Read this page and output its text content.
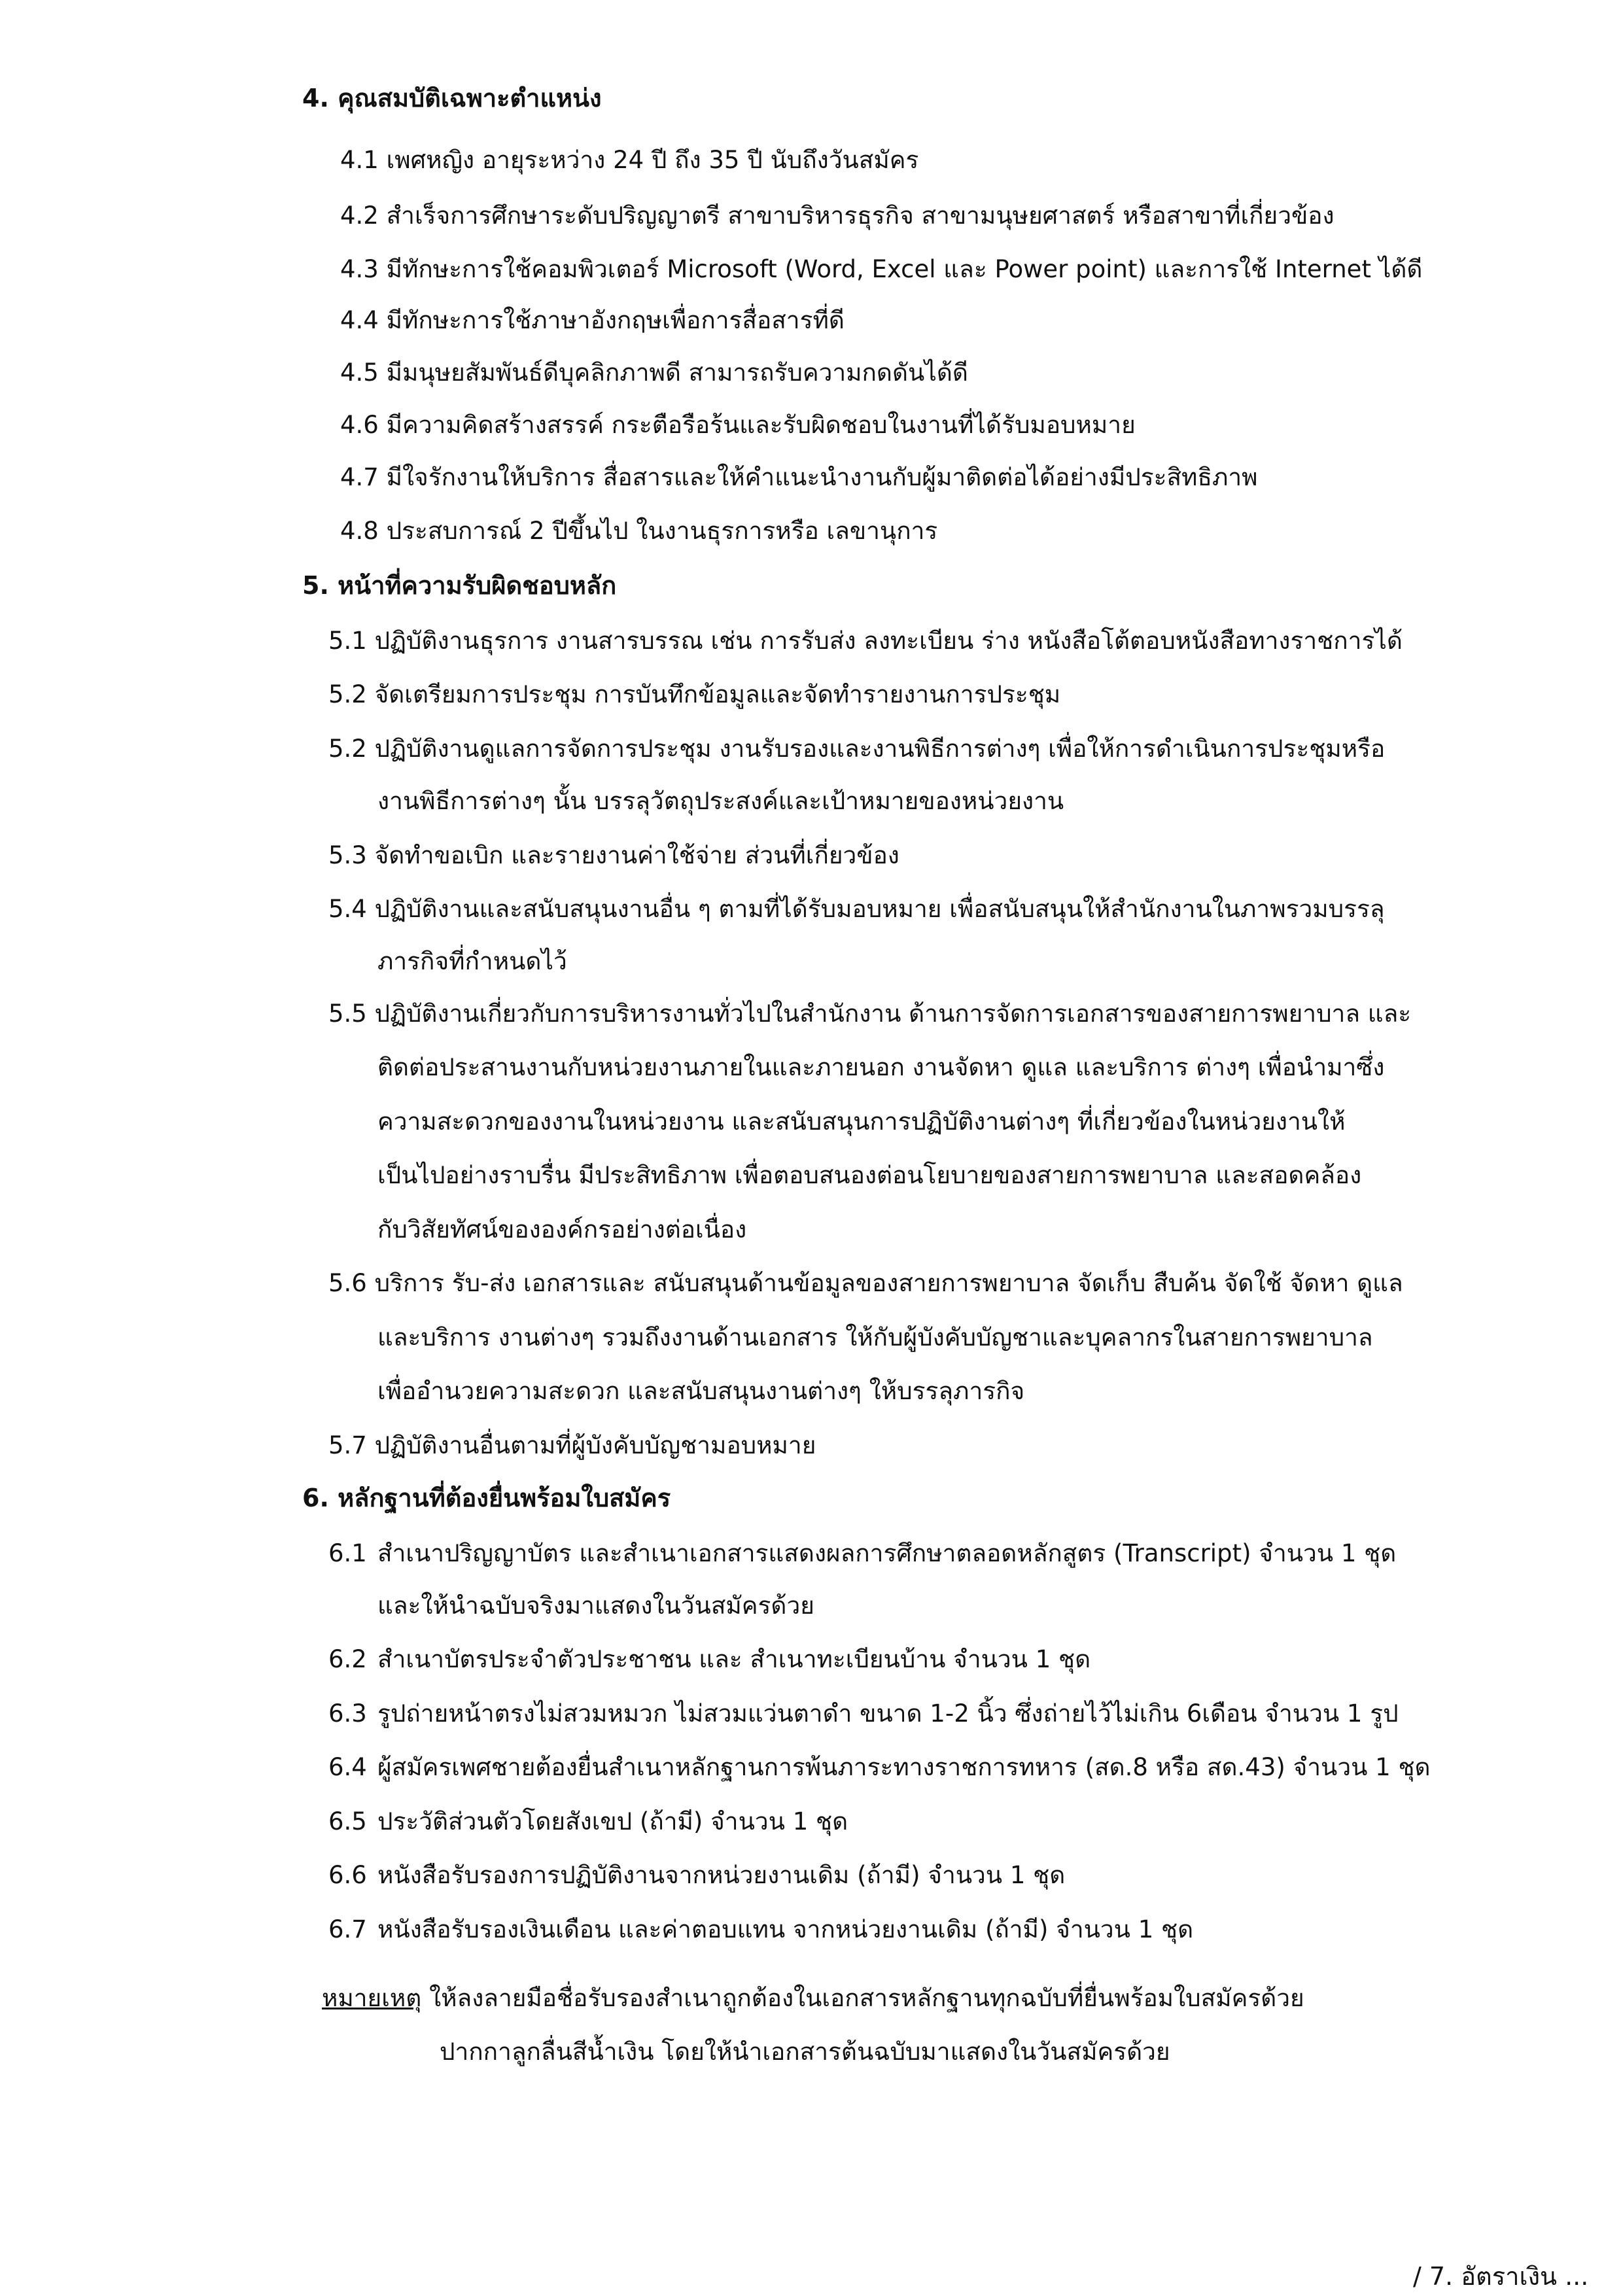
4. คุณสมบัติเฉพาะตำแหน่ง
4.1 เพศหญิง อายุระหว่าง 24 ปี ถึง 35 ปี นับถึงวันสมัคร
4.2 สำเร็จการศึกษาระดับปริญญาตรี สาขาบริหารธุรกิจ สาขามนุษยศาสตร์ หรือสาขาที่เกี่ยวข้อง
4.3 มีทักษะการใช้คอมพิวเตอร์ Microsoft (Word, Excel และ Power point) และการใช้ Internet ได้ดี
4.4 มีทักษะการใช้ภาษาอังกฤษเพื่อการสื่อสารที่ดี
4.5 มีมนุษยสัมพันธ์ดีบุคลิกภาพดี สามารถรับความกดดันได้ดี
4.6 มีความคิดสร้างสรรค์ กระตือรือร้นและรับผิดชอบในงานที่ได้รับมอบหมาย
4.7 มีใจรักงานให้บริการ สื่อสารและให้คำแนะนำงานกับผู้มาติดต่อได้อย่างมีประสิทธิภาพ
4.8 ประสบการณ์ 2 ปีขึ้นไป ในงานธุรการหรือ เลขานุการ
5. หน้าที่ความรับผิดชอบหลัก
5.1 ปฏิบัติงานธุรการ งานสารบรรณ เช่น การรับส่ง ลงทะเบียน ร่าง หนังสือโต้ตอบหนังสือทางราชการได้
5.2 จัดเตรียมการประชุม การบันทึกข้อมูลและจัดทำรายงานการประชุม
5.2 ปฏิบัติงานดูแลการจัดการประชุม งานรับรองและงานพิธีการต่างๆ เพื่อให้การดำเนินการประชุมหรือ
งานพิธีการต่างๆ นั้น บรรลุวัตถุประสงค์และเป้าหมายของหน่วยงาน
5.3 จัดทำขอเบิก และรายงานค่าใช้จ่าย ส่วนที่เกี่ยวข้อง
5.4 ปฏิบัติงานและสนับสนุนงานอื่น ๆ ตามที่ได้รับมอบหมาย เพื่อสนับสนุนให้สำนักงานในภาพรวมบรรลุ
ภารกิจที่กำหนดไว้
5.5 ปฏิบัติงานเกี่ยวกับการบริหารงานทั่วไปในสำนักงาน ด้านการจัดการเอกสารของสายการพยาบาล และ
ติดต่อประสานงานกับหน่วยงานภายในและภายนอก งานจัดหา ดูแล และบริการ ต่างๆ เพื่อนำมาซึ่ง
ความสะดวกของงานในหน่วยงาน และสนับสนุนการปฏิบัติงานต่างๆ ที่เกี่ยวข้องในหน่วยงานให้
เป็นไปอย่างราบรื่น มีประสิทธิภาพ เพื่อตอบสนองต่อนโยบายของสายการพยาบาล และสอดคล้อง
กับวิสัยทัศน์ขององค์กรอย่างต่อเนื่อง
5.6 บริการ รับ-ส่ง เอกสารและ สนับสนุนด้านข้อมูลของสายการพยาบาล จัดเก็บ สืบค้น จัดใช้ จัดหา ดูแล
และบริการ งานต่างๆ รวมถึงงานด้านเอกสาร ให้กับผู้บังคับบัญชาและบุคลากรในสายการพยาบาล
เพื่ออำนวยความสะดวก และสนับสนุนงานต่างๆ ให้บรรลุภารกิจ
5.7 ปฏิบัติงานอื่นตามที่ผู้บังคับบัญชามอบหมาย
6. หลักฐานที่ต้องยื่นพร้อมใบสมัคร
6.1 สำเนาปริญญาบัตร และสำเนาเอกสารแสดงผลการศึกษาตลอดหลักสูตร (Transcript) จำนวน 1 ชุด
และให้นำฉบับจริงมาแสดงในวันสมัครด้วย
6.2 สำเนาบัตรประจำตัวประชาชน และ สำเนาทะเบียนบ้าน จำนวน 1 ชุด
6.3 รูปถ่ายหน้าตรงไม่สวมหมวก ไม่สวมแว่นตาดำ ขนาด 1-2 นิ้ว ซึ่งถ่ายไว้ไม่เกิน 6เดือน จำนวน 1 รูป
6.4 ผู้สมัครเพศชายต้องยื่นสำเนาหลักฐานการพ้นภาระทางราชการทหาร (สด.8 หรือ สด.43) จำนวน 1 ชุด
6.5 ประวัติส่วนตัวโดยสังเขป (ถ้ามี) จำนวน 1 ชุด
6.6 หนังสือรับรองการปฏิบัติงานจากหน่วยงานเดิม (ถ้ามี) จำนวน 1 ชุด
6.7 หนังสือรับรองเงินเดือน และค่าตอบแทน จากหน่วยงานเดิม (ถ้ามี) จำนวน 1 ชุด
หมายเหตุ ให้ลงลายมือชื่อรับรองสำเนาถูกต้องในเอกสารหลักฐานทุกฉบับที่ยื่นพร้อมใบสมัครด้วย
ปากกาลูกลื่นสีน้ำเงิน โดยให้นำเอกสารต้นฉบับมาแสดงในวันสมัครด้วย
/ 7. อัตราเงิน ...
